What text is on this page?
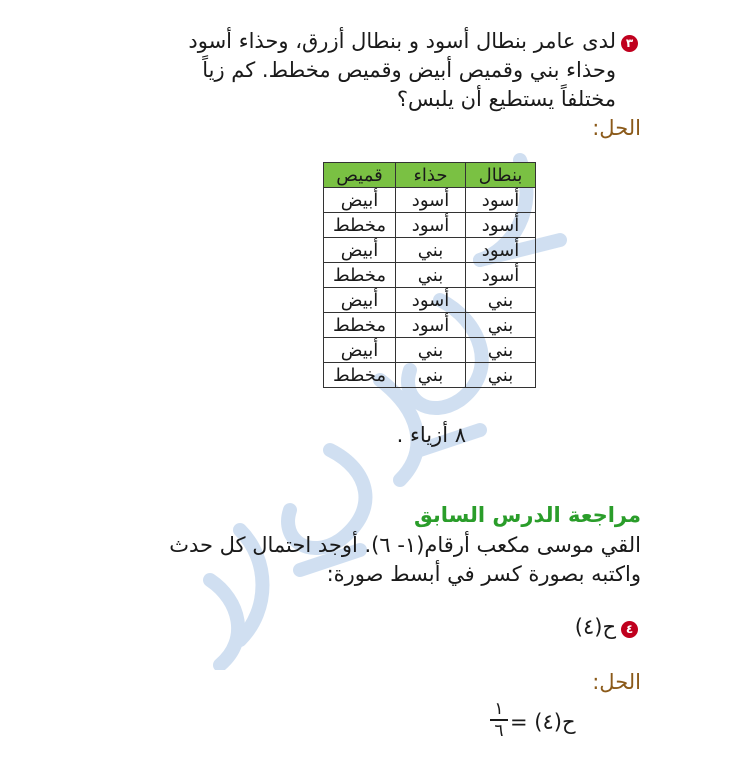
٣
لدى عامر بنطال أسود و بنطال أزرق، وحذاء أسود
وحذاء بني وقميص أبيض وقميص مخطط. كم زياً
مختلفاً يستطيع أن يلبس؟
الحل:
بنطال	حذاء	قميص
أسود	أسود	أبيض
أسود	أسود	مخطط
أسود	بني	أبيض
أسود	بني	مخطط
بني	أسود	أبيض
بني	أسود	مخطط
بني	بني	أبيض
بني	بني	مخطط
٨ أزياء .
مراجعة الدرس السابق
القي موسى مكعب أرقام(١- ٦). أوجد احتمال كل حدث
واكتبه بصورة كسر في أبسط صورة:
٤
ح(٤)
الحل:
ح(٤) =
١
٦
